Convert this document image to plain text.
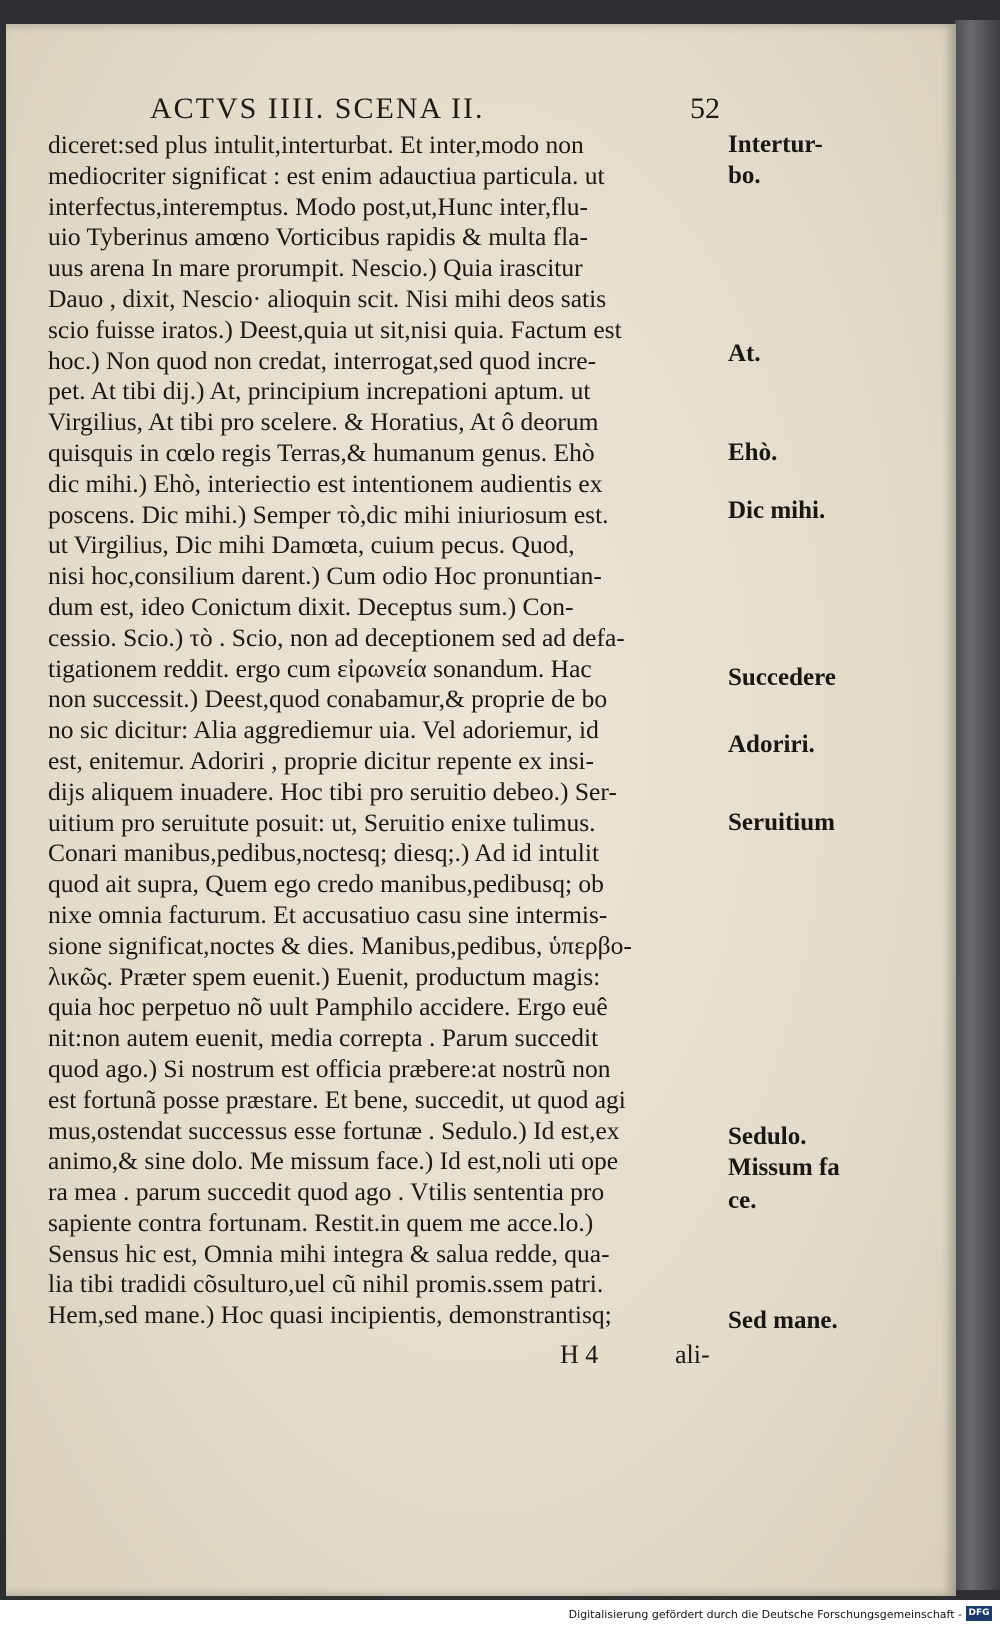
ACTVS IIII. SCENA II.	52
diceret:sed plus intulit,interturbat. Et inter,modo non
mediocriter significat : est enim adauctiua particula. ut
interfectus,interemptus. Modo post,ut,Hunc inter,flu-
uio Tyberinus amœno Vorticibus rapidis & multa fla-
uus arena In mare prorumpit. Nescio.) Quia irascitur
Dauo , dixit, Nescio· alioquin scit. Nisi mihi deos satis
scio fuisse iratos.) Deest,quia ut sit,nisi quia. Factum est
hoc.) Non quod non credat, interrogat,sed quod incre-
pet. At tibi dij.) At, principium increpationi aptum. ut
Virgilius, At tibi pro scelere. & Horatius, At ô deorum
quisquis in cœlo regis Terras,& humanum genus. Ehò
dic mihi.) Ehò, interiectio est intentionem audientis ex
poscens. Dic mihi.) Semper τò,dic mihi iniuriosum est.
ut Virgilius, Dic mihi Damœta, cuium pecus. Quod,
nisi hoc,consilium darent.) Cum odio Hoc pronuntian-
dum est, ideo Conictum dixit. Deceptus sum.) Con-
cessio. Scio.) τò . Scio, non ad deceptionem sed ad defa-
tigationem reddit. ergo cum εἰρωνεία sonandum. Hac
non successit.) Deest,quod conabamur,& proprie de bo
no sic dicitur: Alia aggrediemur uia. Vel adoriemur, id
est, enitemur. Adoriri , proprie dicitur repente ex insi-
dijs aliquem inuadere. Hoc tibi pro seruitio debeo.) Ser-
uitium pro seruitute posuit: ut, Seruitio enixe tulimus.
Conari manibus,pedibus,noctesq; diesq;.) Ad id intulit
quod ait supra, Quem ego credo manibus,pedibusq; ob
nixe omnia facturum. Et accusatiuo casu sine intermis-
sione significat,noctes & dies. Manibus,pedibus, ὑπερβο-
λικῶς. Præter spem euenit.) Euenit, productum magis:
quia hoc perpetuo nõ uult Pamphilo accidere. Ergo euê
nit:non autem euenit, media correpta . Parum succedit
quod ago.) Si nostrum est officia præbere:at nostrũ non
est fortunã posse præstare. Et bene, succedit, ut quod agi
mus,ostendat successus esse fortunæ . Sedulo.) Id est,ex
animo,& sine dolo. Me missum face.) Id est,noli uti ope
ra mea . parum succedit quod ago . Vtilis sententia pro
sapiente contra fortunam. Restit.in quem me acce.lo.)
Sensus hic est, Omnia mihi integra & salua redde, qua-
lia tibi tradidi cõsulturo,uel cũ nihil promis.ssem patri.
Hem,sed mane.) Hoc quasi incipientis, demonstrantisq;
Intertur-
bo.
At.
Ehò.
Dic mihi.
Succedere
Adoriri.
Seruitium
Sedulo.
Missum fa
ce.
Sed mane.
H 4	ali-
Digitalisierung gefördert durch die Deutsche Forschungsgemeinschaft - DFG
